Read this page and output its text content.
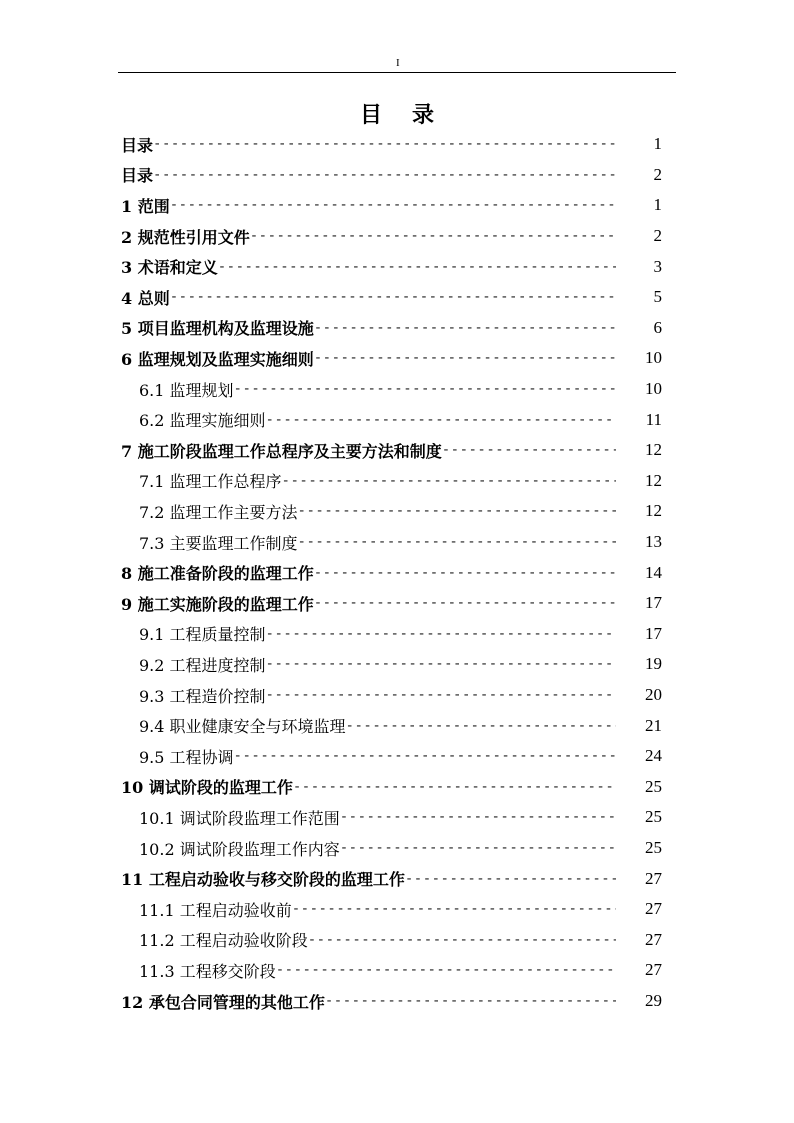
I
目录
目录 -----	1
目录 -----	2
1 范围 -----	1
2 规范性引用文件 -----	2
3 术语和定义 -----	3
4 总则 -----	5
5 项目监理机构及监理设施 -----	6
6 监理规划及监理实施细则 -----	10
6.1 监理规划 -----	10
6.2 监理实施细则 -----	11
7 施工阶段监理工作总程序及主要方法和制度 -----	12
7.1 监理工作总程序 -----	12
7.2 监理工作主要方法 -----	12
7.3 主要监理工作制度 -----	13
8 施工准备阶段的监理工作 -----	14
9 施工实施阶段的监理工作 -----	17
9.1 工程质量控制 -----	17
9.2 工程进度控制 -----	19
9.3 工程造价控制 -----	20
9.4 职业健康安全与环境监理 -----	21
9.5 工程协调 -----	24
10 调试阶段的监理工作 -----	25
10.1 调试阶段监理工作范围 -----	25
10.2 调试阶段监理工作内容 -----	25
11 工程启动验收与移交阶段的监理工作 -----	27
11.1 工程启动验收前 -----	27
11.2 工程启动验收阶段 -----	27
11.3 工程移交阶段 -----	27
12 承包合同管理的其他工作 -----	29
